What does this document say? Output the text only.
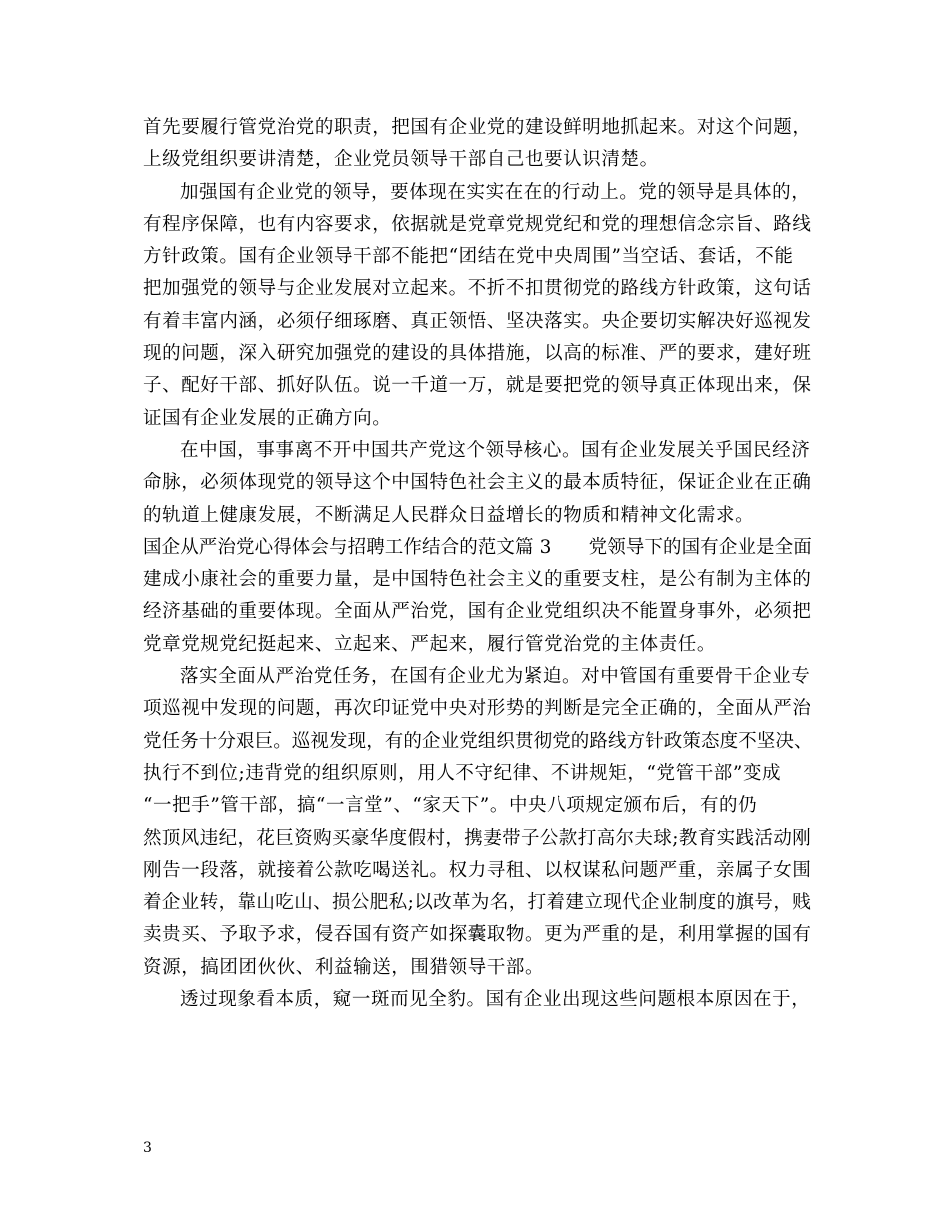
首先要履行管党治党的职责，把国有企业党的建设鲜明地抓起来。对这个问题，
上级党组织要讲清楚，企业党员领导干部自己也要认识清楚。
加强国有企业党的领导，要体现在实实在在的行动上。党的领导是具体的，
有程序保障，也有内容要求，依据就是党章党规党纪和党的理想信念宗旨、路线
方针政策。国有企业领导干部不能把“团结在党中央周围”当空话、套话，不能
把加强党的领导与企业发展对立起来。不折不扣贯彻党的路线方针政策，这句话
有着丰富内涵，必须仔细琢磨、真正领悟、坚决落实。央企要切实解决好巡视发
现的问题，深入研究加强党的建设的具体措施，以高的标准、严的要求，建好班
子、配好干部、抓好队伍。说一千道一万，就是要把党的领导真正体现出来，保
证国有企业发展的正确方向。
在中国，事事离不开中国共产党这个领导核心。国有企业发展关乎国民经济
命脉，必须体现党的领导这个中国特色社会主义的最本质特征，保证企业在正确
的轨道上健康发展，不断满足人民群众日益增长的物质和精神文化需求。
国企从严治党心得体会与招聘工作结合的范文篇 3　　党领导下的国有企业是全面
建成小康社会的重要力量，是中国特色社会主义的重要支柱，是公有制为主体的
经济基础的重要体现。全面从严治党，国有企业党组织决不能置身事外，必须把
党章党规党纪挺起来、立起来、严起来，履行管党治党的主体责任。
落实全面从严治党任务，在国有企业尤为紧迫。对中管国有重要骨干企业专
项巡视中发现的问题，再次印证党中央对形势的判断是完全正确的，全面从严治
党任务十分艰巨。巡视发现，有的企业党组织贯彻党的路线方针政策态度不坚决、
执行不到位;违背党的组织原则，用人不守纪律、不讲规矩，“党管干部”变成
“一把手”管干部，搞“一言堂”、“家天下”。中央八项规定颁布后，有的仍
然顶风违纪，花巨资购买豪华度假村，携妻带子公款打高尔夫球;教育实践活动刚
刚告一段落，就接着公款吃喝送礼。权力寻租、以权谋私问题严重，亲属子女围
着企业转，靠山吃山、损公肥私;以改革为名，打着建立现代企业制度的旗号，贱
卖贵买、予取予求，侵吞国有资产如探囊取物。更为严重的是，利用掌握的国有
资源，搞团团伙伙、利益输送，围猎领导干部。
透过现象看本质，窥一斑而见全豹。国有企业出现这些问题根本原因在于，
3
